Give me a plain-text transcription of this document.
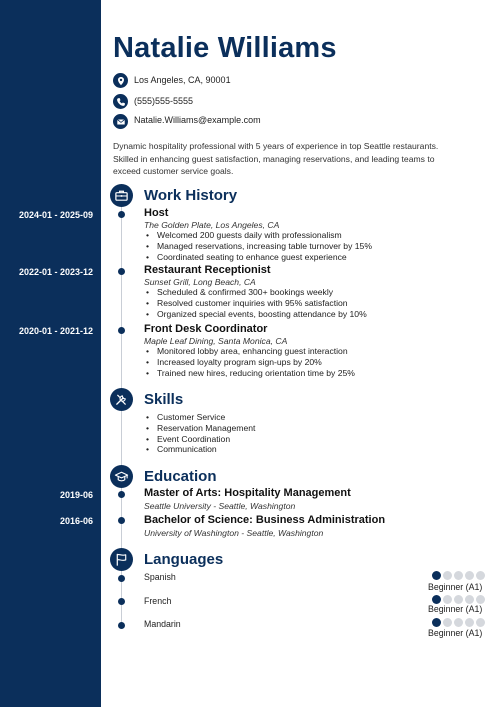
Natalie Williams
Los Angeles, CA, 90001
(555)555-5555
Natalie.Williams@example.com

Dynamic hospitality professional with 5 years of experience in top Seattle restaurants. Skilled in enhancing guest satisfaction, managing reservations, and leading teams to exceed customer service goals.

Work History
2024-01 - 2025-09	Host
The Golden Plate, Los Angeles, CA
• Welcomed 200 guests daily with professionalism
• Managed reservations, increasing table turnover by 15%
• Coordinated seating to enhance guest experience
2022-01 - 2023-12	Restaurant Receptionist
Sunset Grill, Long Beach, CA
• Scheduled & confirmed 300+ bookings weekly
• Resolved customer inquiries with 95% satisfaction
• Organized special events, boosting attendance by 10%
2020-01 - 2021-12	Front Desk Coordinator
Maple Leaf Dining, Santa Monica, CA
• Monitored lobby area, enhancing guest interaction
• Increased loyalty program sign-ups by 20%
• Trained new hires, reducing orientation time by 25%
Skills
• Customer Service
• Reservation Management
• Event Coordination
• Communication
Education
2019-06	Master of Arts: Hospitality Management
Seattle University - Seattle, Washington
2016-06	Bachelor of Science: Business Administration
University of Washington - Seattle, Washington
Languages
Spanish
Beginner (A1)
French
Beginner (A1)
Mandarin
Beginner (A1)
